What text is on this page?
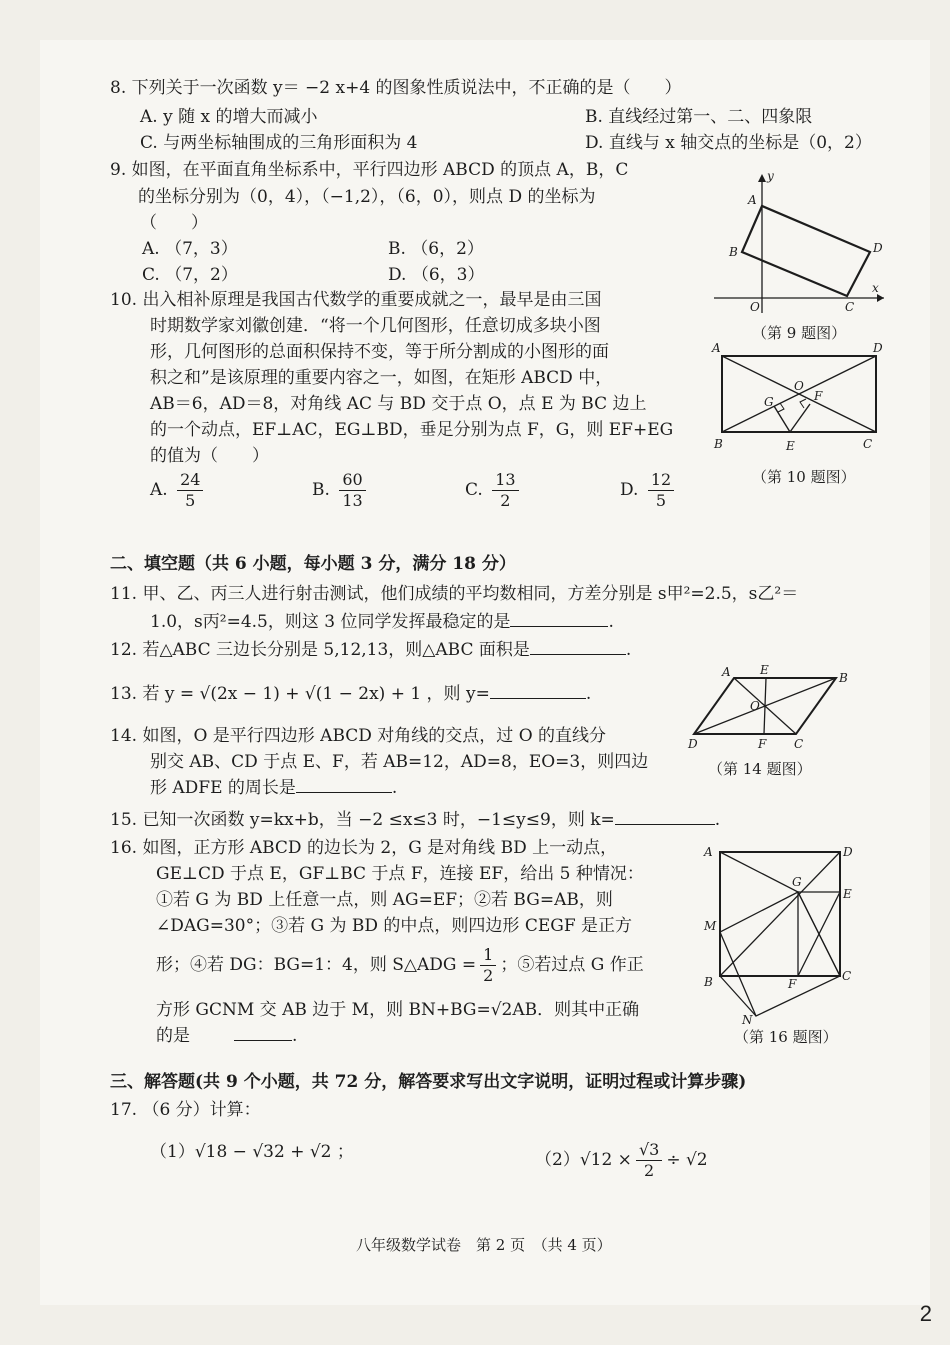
8. 下列关于一次函数 y＝ −2 x+4 的图象性质说法中，不正确的是（　　）
A. y 随 x 的增大而减小	B. 直线经过第一、二、四象限
C. 与两坐标轴围成的三角形面积为 4	D. 直线与 x 轴交点的坐标是（0，2）
9. 如图，在平面直角坐标系中，平行四边形 ABCD 的顶点 A，B，C
的坐标分别为（0，4），（−1,2），（6，0），则点 D 的坐标为
（　　）
A. （7，3）	B. （6，2）
C. （7，2）	D. （6，3）
A
B
C
D
O
x
y
（第 9 题图）
10. 出入相补原理是我国古代数学的重要成就之一，最早是由三国
时期数学家刘徽创建．“将一个几何图形，任意切成多块小图
形，几何图形的总面积保持不变，等于所分割成的小图形的面
积之和”是该原理的重要内容之一，如图，在矩形 ABCD 中，
AB＝6，AD＝8，对角线 AC 与 BD 交于点 O，点 E 为 BC 边上
的一个动点，EF⊥AC，EG⊥BD，垂足分别为点 F，G，则 EF+EG
的值为（　　）
A. $\frac{24}{5}$	B. $\frac{60}{13}$	C. $\frac{13}{2}$	D. $\frac{12}{5}$
A	D
B	C
O
E
F
G
（第 10 题图）
二、填空题（共 6 小题，每小题 3 分，满分 18 分）
11. 甲、乙、丙三人进行射击测试，他们成绩的平均数相同，方差分别是 s甲²=2.5，s乙²＝
1.0，s丙²=4.5，则这 3 位同学发挥最稳定的是	.
12. 若△ABC 三边长分别是 5,12,13，则△ABC 面积是	.
13. 若 y = √(2x − 1) + √(1 − 2x) + 1 ，则 y=	.
14. 如图，O 是平行四边形 ABCD 对角线的交点，过 O 的直线分
别交 AB、CD 于点 E、F，若 AB=12，AD=8，EO=3，则四边
形 ADFE 的周长是	.
A	B
C
D
E
F
O
（第 14 题图）
15. 已知一次函数 y=kx+b，当 −2 ≤x≤3 时，−1≤y≤9，则 k=	.
16. 如图，正方形 ABCD 的边长为 2，G 是对角线 BD 上一动点，
GE⊥CD 于点 E，GF⊥BC 于点 F，连接 EF，给出 5 种情况：
①若 G 为 BD 上任意一点，则 AG=EF；②若 BG=AB，则
∠DAG=30°；③若 G 为 BD 的中点，则四边形 CEGF 是正方
形；④若 DG：BG=1：4，则 S△ADG = $\frac{1}{2}$ ；⑤若过点 G 作正
方形 GCNM 交 AB 边于 M，则 BN+BG=√2AB．则其中正确
的是	.
A	D
B	C
E
F
G
M
N
（第 16 题图）
三、解答题(共 9 个小题，共 72 分，解答要求写出文字说明，证明过程或计算步骤)
17. （6 分）计算：
（1）√18 − √32 + √2 ；	$(2)√12 \times \frac{√3}{2} \div √2$
八年级数学试卷　第 2 页　（共 4 页）
2
